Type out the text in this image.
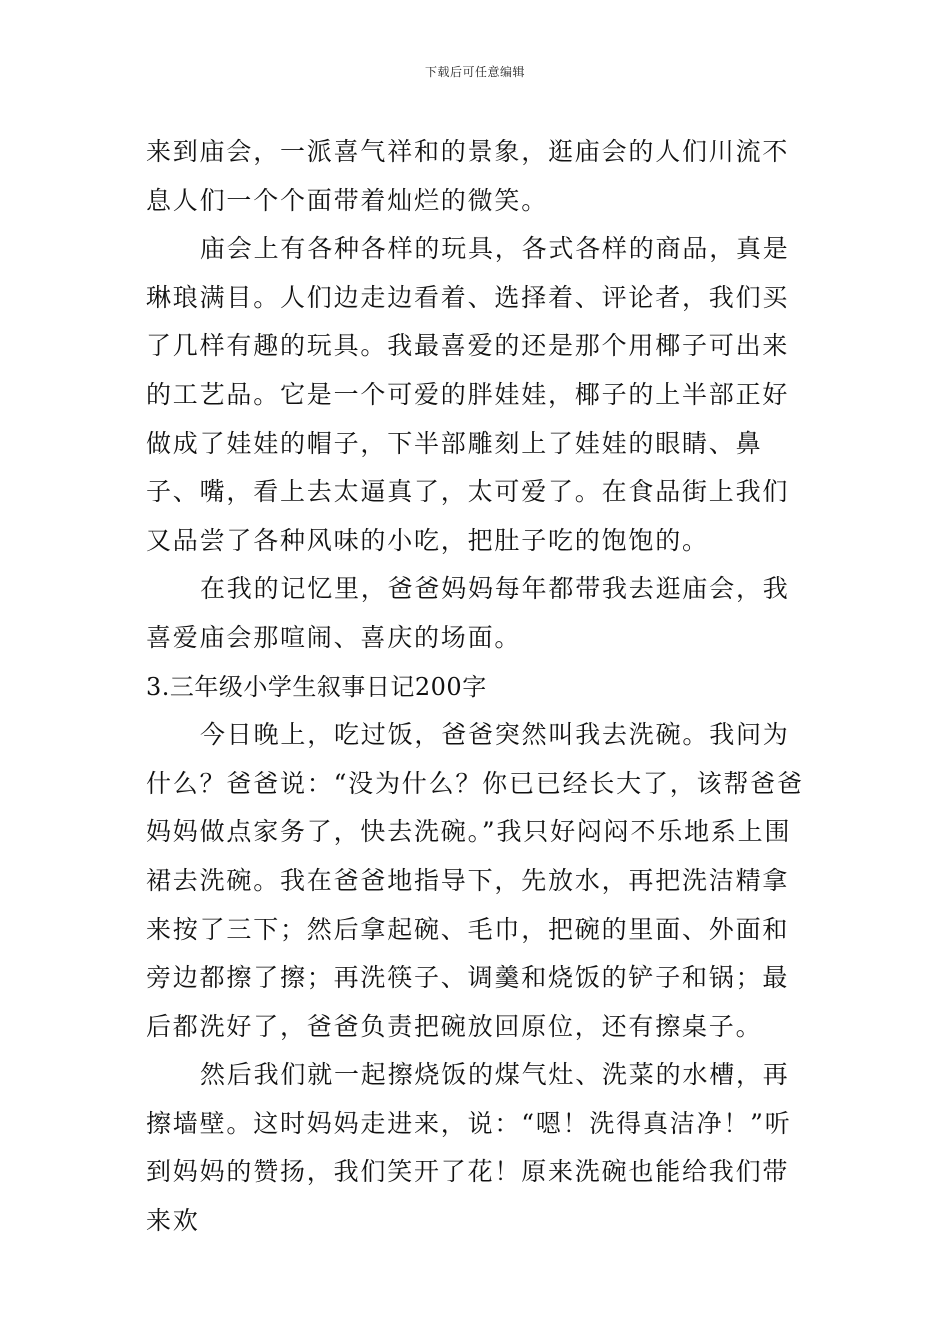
下载后可任意编辑

来到庙会，一派喜气祥和的景象，逛庙会的人们川流不息人们一个个面带着灿烂的微笑。

庙会上有各种各样的玩具，各式各样的商品，真是琳琅满目。人们边走边看着、选择着、评论者，我们买了几样有趣的玩具。我最喜爱的还是那个用椰子可出来的工艺品。它是一个可爱的胖娃娃，椰子的上半部正好做成了娃娃的帽子，下半部雕刻上了娃娃的眼睛、鼻子、嘴，看上去太逼真了，太可爱了。在食品街上我们又品尝了各种风味的小吃，把肚子吃的饱饱的。

在我的记忆里，爸爸妈妈每年都带我去逛庙会，我喜爱庙会那喧闹、喜庆的场面。

3.三年级小学生叙事日记200字

今日晚上，吃过饭，爸爸突然叫我去洗碗。我问为什么？爸爸说：“没为什么？你已已经长大了，该帮爸爸妈妈做点家务了，快去洗碗。”我只好闷闷不乐地系上围裙去洗碗。我在爸爸地指导下，先放水，再把洗洁精拿来按了三下；然后拿起碗、毛巾，把碗的里面、外面和旁边都擦了擦；再洗筷子、调羹和烧饭的铲子和锅；最后都洗好了，爸爸负责把碗放回原位，还有擦桌子。

然后我们就一起擦烧饭的煤气灶、洗菜的水槽，再擦墙壁。这时妈妈走进来，说：“嗯！洗得真洁净！”听到妈妈的赞扬，我们笑开了花！原来洗碗也能给我们带来欢
